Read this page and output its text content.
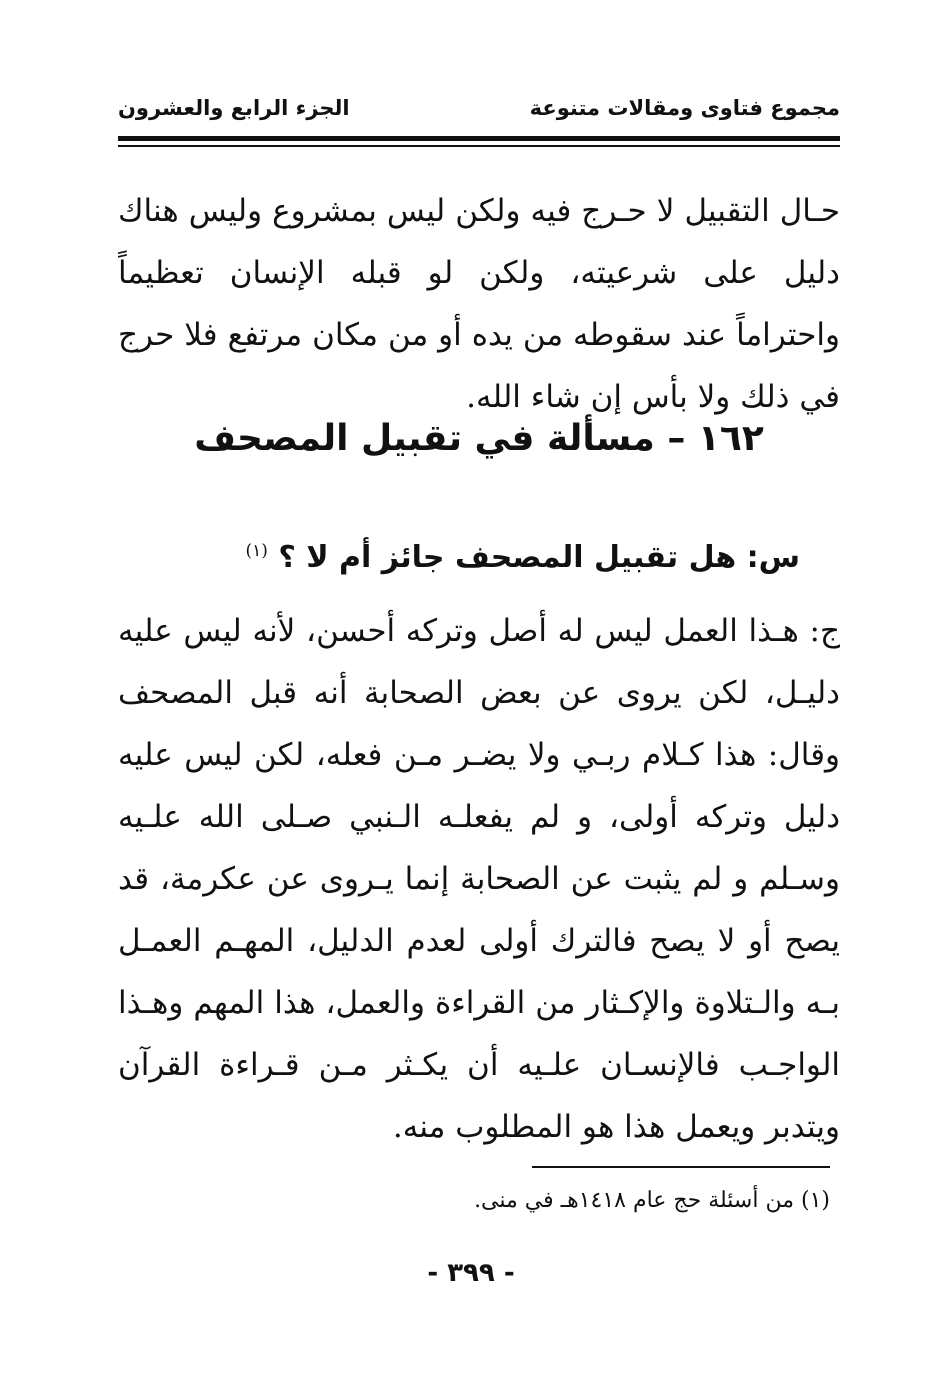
مجموع فتاوى ومقالات متنوعة
الجزء الرابع والعشرون

حـال التقبيل لا حـرج فيه ولكن ليس بمشروع وليس هناك دليل على شرعيته، ولكن لو قبله الإنسان تعظيماً واحتراماً عند سقوطه من يده أو من مكان مرتفع فلا حرج في ذلك ولا بأس إن شاء الله.

١٦٢ – مسألة في تقبيل المصحف
س: هل تقبيل المصحف جائز أم لا ؟ $^{(١)}$

ج: هـذا العمل ليس له أصل وتركه أحسن، لأنه ليس عليه دليـل، لكن يروى عن بعض الصحابة أنه قبل المصحف وقال: هذا كـلام ربـي ولا يضـر مـن فعله، لكن ليس عليه دليل وتركه أولى، و لم يفعلـه الـنبي صـلى الله علـيه وسـلم و لم يثبت عن الصحابة إنما يـروى عن عكرمة، قد يصح أو لا يصح فالترك أولى لعدم الدليل، المهـم العمـل بـه والـتلاوة والإكـثار من القراءة والعمل، هذا المهم وهـذا الواجـب فالإنسـان علـيه أن يكـثر مـن قـراءة القرآن ويتدبر ويعمل هذا هو المطلوب منه.

(١) من أسئلة حج عام ١٤١٨هـ في منى.
- ٣٩٩ -
